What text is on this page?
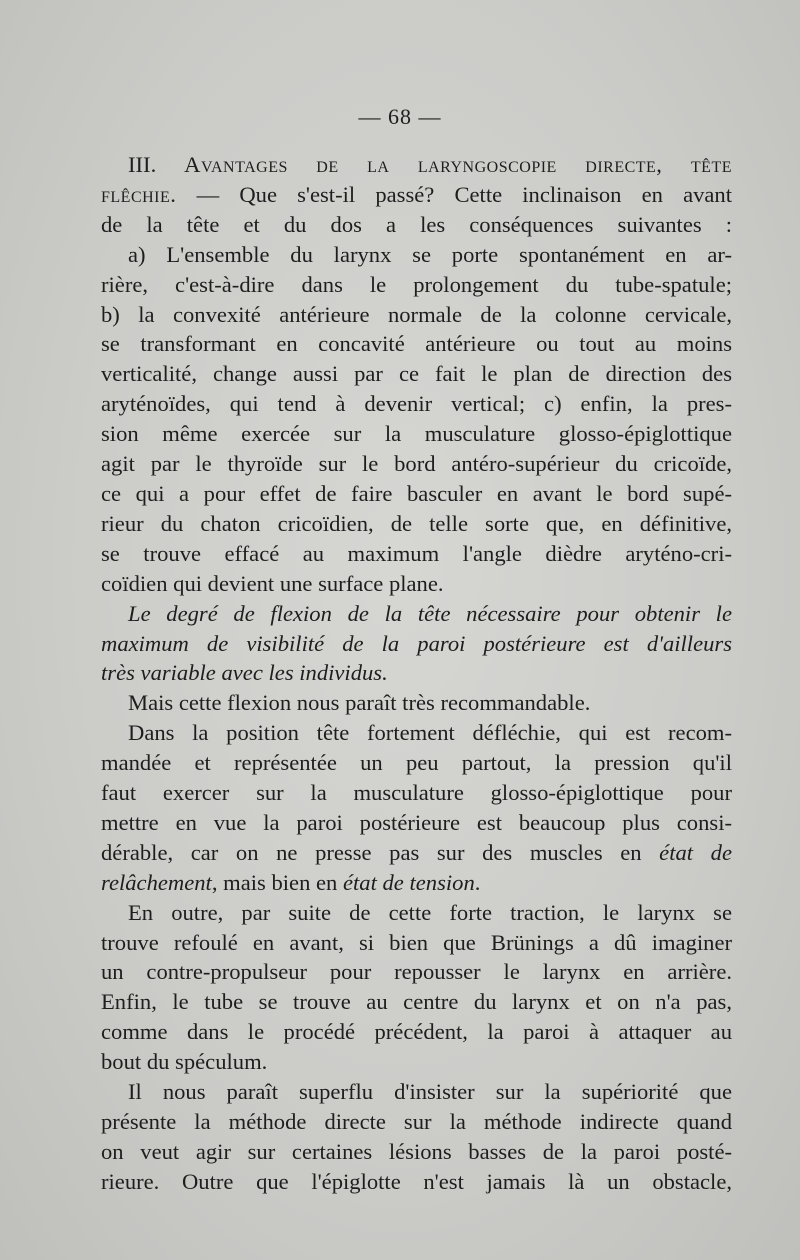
— 68 —
III. Avantages de la laryngoscopie directe, tête
flêchie. — Que s'est-il passé? Cette inclinaison en avant
de la tête et du dos a les conséquences suivantes :
a) L'ensemble du larynx se porte spontanément en ar-
rière, c'est-à-dire dans le prolongement du tube-spatule;
b) la convexité antérieure normale de la colonne cervicale,
se transformant en concavité antérieure ou tout au moins
verticalité, change aussi par ce fait le plan de direction des
aryténoïdes, qui tend à devenir vertical; c) enfin, la pres-
sion même exercée sur la musculature glosso-épiglottique
agit par le thyroïde sur le bord antéro-supérieur du cricoïde,
ce qui a pour effet de faire basculer en avant le bord supé-
rieur du chaton cricoïdien, de telle sorte que, en définitive,
se trouve effacé au maximum l'angle dièdre aryténo-cri-
coïdien qui devient une surface plane.
Le degré de flexion de la tête nécessaire pour obtenir le
maximum de visibilité de la paroi postérieure est d'ailleurs
très variable avec les individus.
Mais cette flexion nous paraît très recommandable.
Dans la position tête fortement défléchie, qui est recom-
mandée et représentée un peu partout, la pression qu'il
faut exercer sur la musculature glosso-épiglottique pour
mettre en vue la paroi postérieure est beaucoup plus consi-
dérable, car on ne presse pas sur des muscles en état de
relâchement, mais bien en état de tension.
En outre, par suite de cette forte traction, le larynx se
trouve refoulé en avant, si bien que Brünings a dû imaginer
un contre-propulseur pour repousser le larynx en arrière.
Enfin, le tube se trouve au centre du larynx et on n'a pas,
comme dans le procédé précédent, la paroi à attaquer au
bout du spéculum.
Il nous paraît superflu d'insister sur la supériorité que
présente la méthode directe sur la méthode indirecte quand
on veut agir sur certaines lésions basses de la paroi posté-
rieure. Outre que l'épiglotte n'est jamais là un obstacle,
